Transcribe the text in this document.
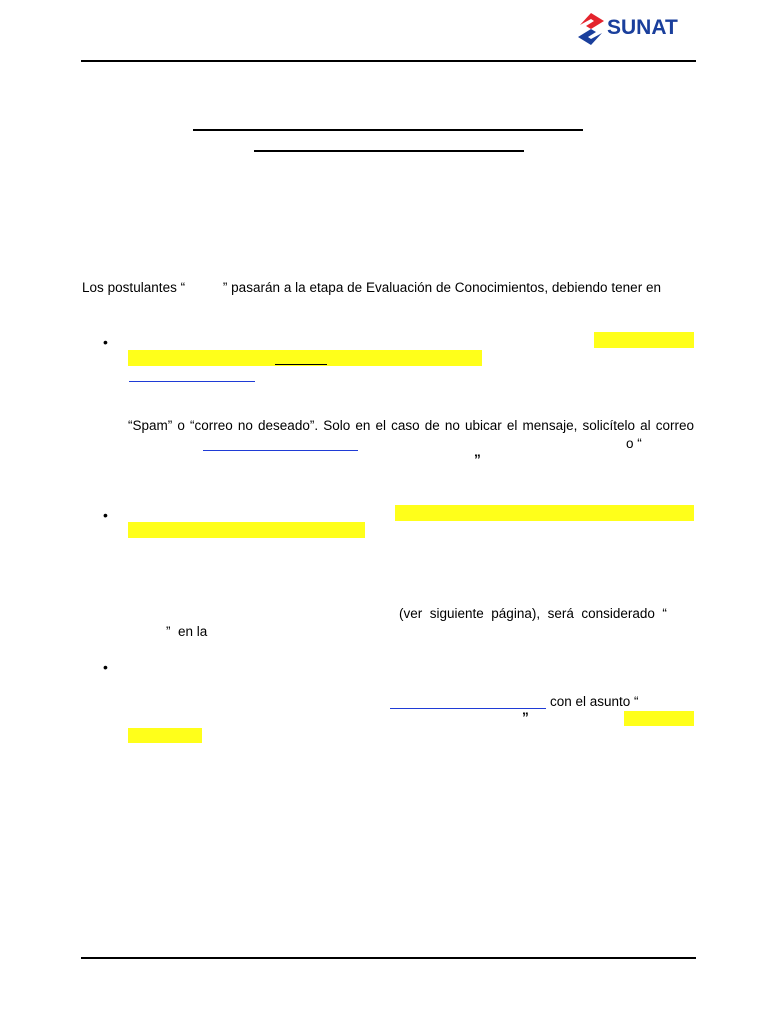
SUNAT
Los postulantes “          ” pasarán a la etapa de Evaluación de Conocimientos, debiendo tener en
•
“Spam” o “correo no deseado”. Solo en el caso de no ubicar el mensaje, solicítelo al correo
o “
”
•
(ver  siguiente  página),  será  considerado  “
”  en la
•
con el asunto “
”
